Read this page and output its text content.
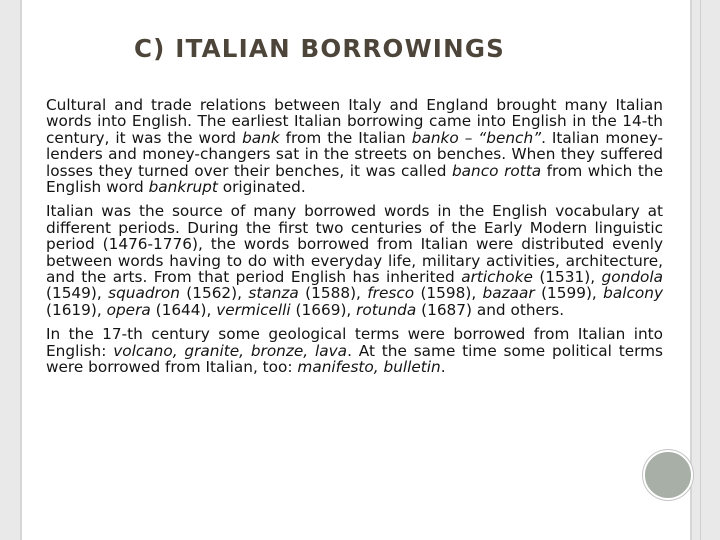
C) ITALIAN BORROWINGS

Cultural and trade relations between Italy and England brought many Italian words into English. The earliest Italian borrowing came into English in the 14-th century, it was the word bank from the Italian banko – “bench”. Italian money-lenders and money-changers sat in the streets on benches. When they suffered losses they turned over their benches, it was called banco rotta from which the English word bankrupt originated.

Italian was the source of many borrowed words in the English vocabulary at different periods. During the first two centuries of the Early Modern linguistic period (1476-1776), the words borrowed from Italian were distributed evenly between words having to do with everyday life, military activities, architecture, and the arts. From that period English has inherited artichoke (1531), gondola (1549), squadron (1562), stanza (1588), fresco (1598), bazaar (1599), balcony (1619), opera (1644), vermicelli (1669), rotunda (1687) and others.

In the 17-th century some geological terms were borrowed from Italian into English: volcano, granite, bronze, lava. At the same time some political terms were borrowed from Italian, too: manifesto, bulletin.
